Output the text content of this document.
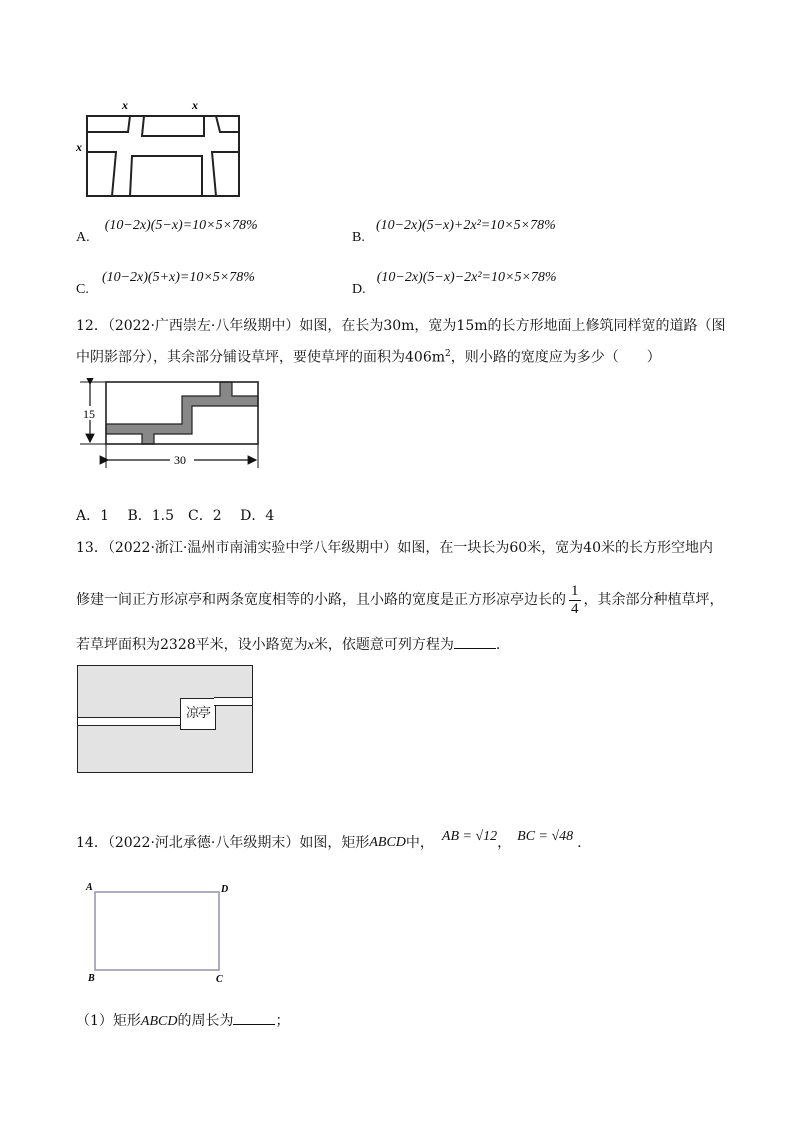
x	x
x
A. (10−2x)(5−x)=10×5×78%
B. (10−2x)(5−x)+2x²=10×5×78%
C. (10−2x)(5+x)=10×5×78%
D. (10−2x)(5−x)−2x²=10×5×78%
12．（2022·广西崇左·八年级期中）如图，在长为30m，宽为15m的长方形地面上修筑同样宽的道路（图
中阴影部分），其余部分铺设草坪，要使草坪的面积为$406m^2$，则小路的宽度应为多少（　　）
15
30
A．1　 B．1.5　C．2　 D．4
13．（2022·浙江·温州市南浦实验中学八年级期中）如图，在一块长为60米，宽为40米的长方形空地内
修建一间正方形凉亭和两条宽度相等的小路，且小路的宽度是正方形凉亭边长的 $\frac{1}{4}$ ，其余部分种植草坪，
若草坪面积为2328平米，设小路宽为x米，依题意可列方程为	.
凉亭
14．（2022·河北承德·八年级期末）如图，矩形 ABCD 中， AB = √12 ， BC = √48 .
A	D
B	C
（1）矩形ABCD的周长为	；
